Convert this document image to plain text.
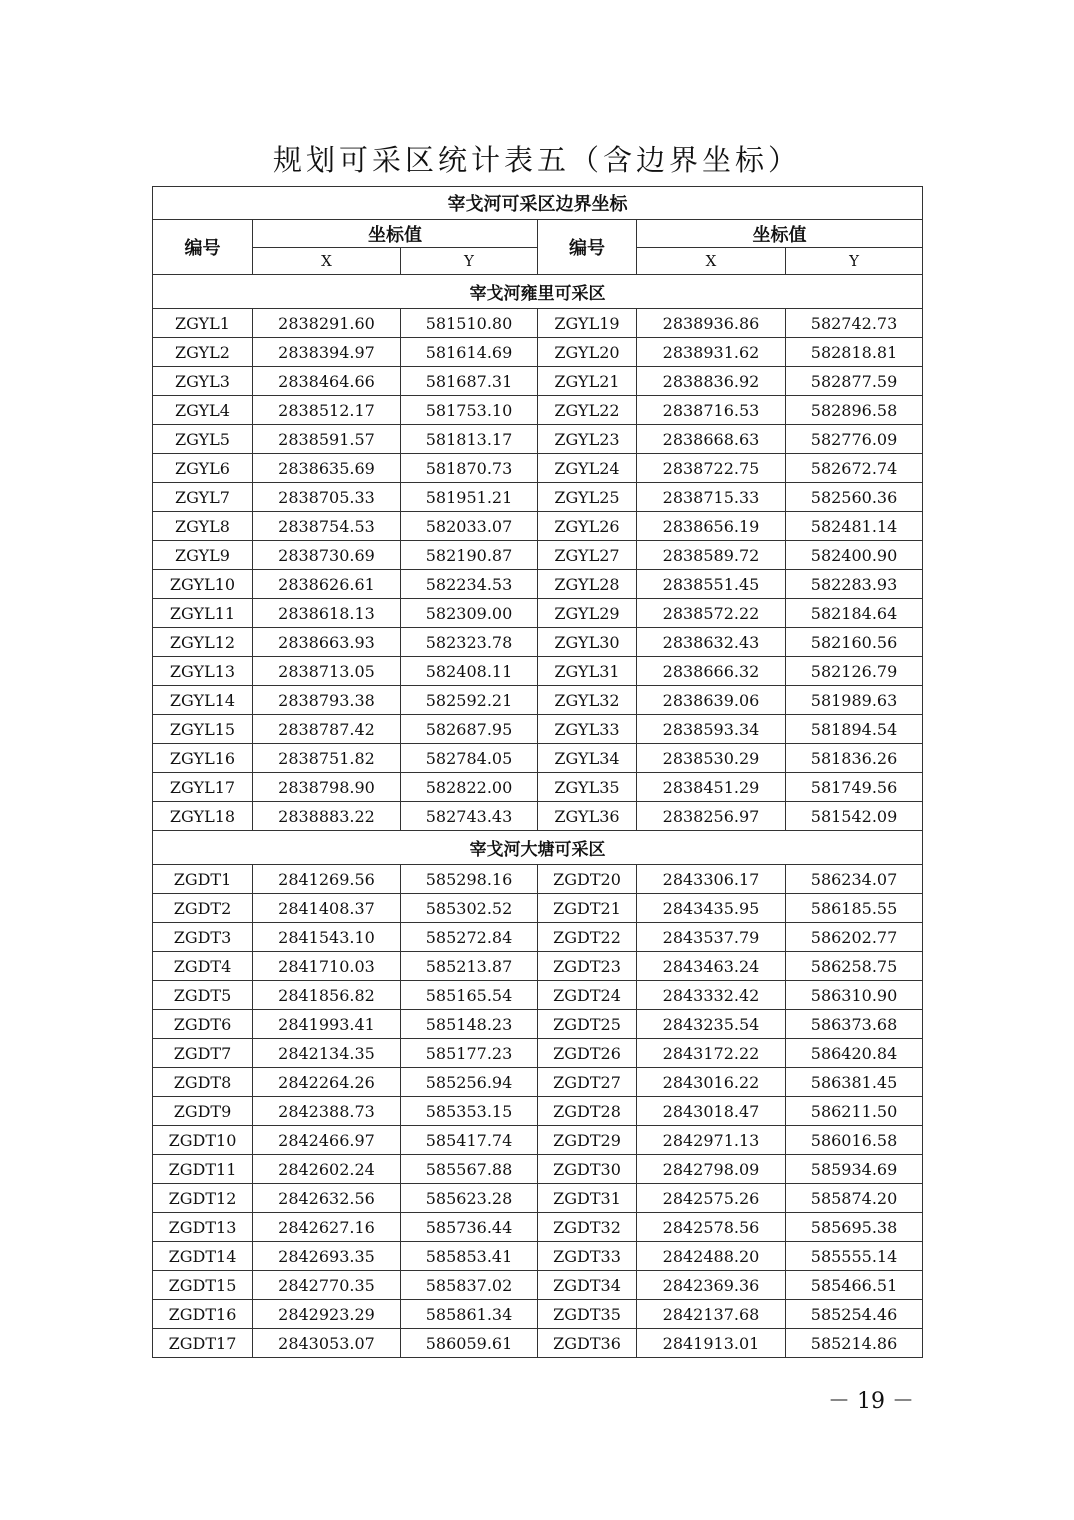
规划可采区统计表五（含边界坐标）
宰戈河可采区边界坐标					
编号	坐标值		编号	坐标值	
	X	Y		X	Y
宰戈河雍里可采区					
ZGYL1	2838291.60	581510.80	ZGYL19	2838936.86	582742.73
ZGYL2	2838394.97	581614.69	ZGYL20	2838931.62	582818.81
ZGYL3	2838464.66	581687.31	ZGYL21	2838836.92	582877.59
ZGYL4	2838512.17	581753.10	ZGYL22	2838716.53	582896.58
ZGYL5	2838591.57	581813.17	ZGYL23	2838668.63	582776.09
ZGYL6	2838635.69	581870.73	ZGYL24	2838722.75	582672.74
ZGYL7	2838705.33	581951.21	ZGYL25	2838715.33	582560.36
ZGYL8	2838754.53	582033.07	ZGYL26	2838656.19	582481.14
ZGYL9	2838730.69	582190.87	ZGYL27	2838589.72	582400.90
ZGYL10	2838626.61	582234.53	ZGYL28	2838551.45	582283.93
ZGYL11	2838618.13	582309.00	ZGYL29	2838572.22	582184.64
ZGYL12	2838663.93	582323.78	ZGYL30	2838632.43	582160.56
ZGYL13	2838713.05	582408.11	ZGYL31	2838666.32	582126.79
ZGYL14	2838793.38	582592.21	ZGYL32	2838639.06	581989.63
ZGYL15	2838787.42	582687.95	ZGYL33	2838593.34	581894.54
ZGYL16	2838751.82	582784.05	ZGYL34	2838530.29	581836.26
ZGYL17	2838798.90	582822.00	ZGYL35	2838451.29	581749.56
ZGYL18	2838883.22	582743.43	ZGYL36	2838256.97	581542.09
宰戈河大塘可采区					
ZGDT1	2841269.56	585298.16	ZGDT20	2843306.17	586234.07
ZGDT2	2841408.37	585302.52	ZGDT21	2843435.95	586185.55
ZGDT3	2841543.10	585272.84	ZGDT22	2843537.79	586202.77
ZGDT4	2841710.03	585213.87	ZGDT23	2843463.24	586258.75
ZGDT5	2841856.82	585165.54	ZGDT24	2843332.42	586310.90
ZGDT6	2841993.41	585148.23	ZGDT25	2843235.54	586373.68
ZGDT7	2842134.35	585177.23	ZGDT26	2843172.22	586420.84
ZGDT8	2842264.26	585256.94	ZGDT27	2843016.22	586381.45
ZGDT9	2842388.73	585353.15	ZGDT28	2843018.47	586211.50
ZGDT10	2842466.97	585417.74	ZGDT29	2842971.13	586016.58
ZGDT11	2842602.24	585567.88	ZGDT30	2842798.09	585934.69
ZGDT12	2842632.56	585623.28	ZGDT31	2842575.26	585874.20
ZGDT13	2842627.16	585736.44	ZGDT32	2842578.56	585695.38
ZGDT14	2842693.35	585853.41	ZGDT33	2842488.20	585555.14
ZGDT15	2842770.35	585837.02	ZGDT34	2842369.36	585466.51
ZGDT16	2842923.29	585861.34	ZGDT35	2842137.68	585254.46
ZGDT17	2843053.07	586059.61	ZGDT36	2841913.01	585214.86
－ 19 －
